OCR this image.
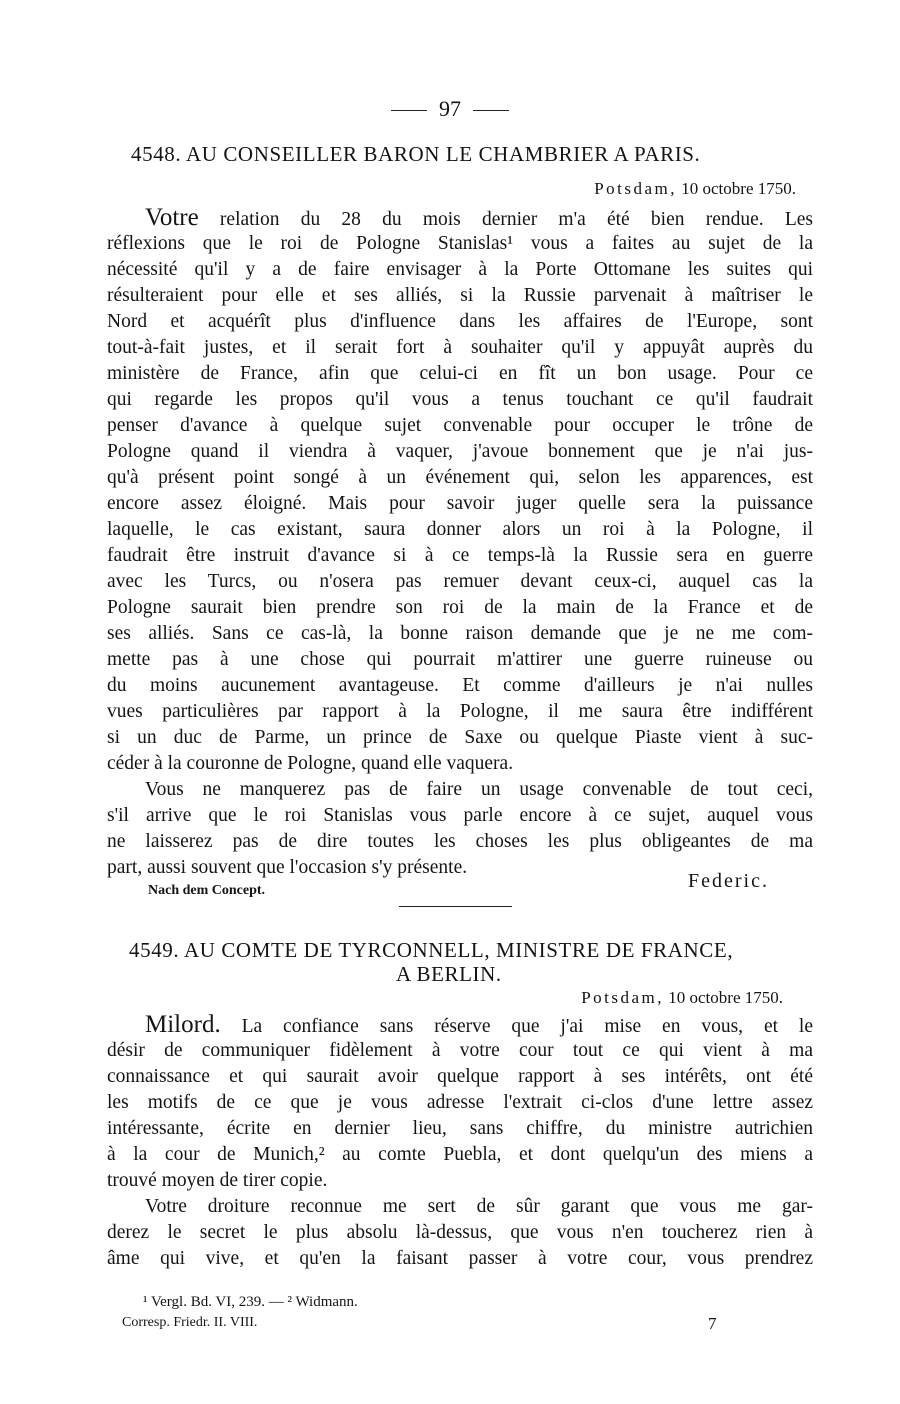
97
4548. AU CONSEILLER BARON LE CHAMBRIER A PARIS.
Potsdam, 10 octobre 1750.
Votre relation du 28 du mois dernier m'a été bien rendue. Les
réflexions que le roi de Pologne Stanislas¹ vous a faites au sujet de la
nécessité qu'il y a de faire envisager à la Porte Ottomane les suites qui
résulteraient pour elle et ses alliés, si la Russie parvenait à maîtriser le
Nord et acquérît plus d'influence dans les affaires de l'Europe, sont
tout-à-fait justes, et il serait fort à souhaiter qu'il y appuyât auprès du
ministère de France, afin que celui-ci en fît un bon usage. Pour ce
qui regarde les propos qu'il vous a tenus touchant ce qu'il faudrait
penser d'avance à quelque sujet convenable pour occuper le trône de
Pologne quand il viendra à vaquer, j'avoue bonnement que je n'ai jus-
qu'à présent point songé à un événement qui, selon les apparences, est
encore assez éloigné. Mais pour savoir juger quelle sera la puissance
laquelle, le cas existant, saura donner alors un roi à la Pologne, il
faudrait être instruit d'avance si à ce temps-là la Russie sera en guerre
avec les Turcs, ou n'osera pas remuer devant ceux-ci, auquel cas la
Pologne saurait bien prendre son roi de la main de la France et de
ses alliés. Sans ce cas-là, la bonne raison demande que je ne me com-
mette pas à une chose qui pourrait m'attirer une guerre ruineuse ou
du moins aucunement avantageuse. Et comme d'ailleurs je n'ai nulles
vues particulières par rapport à la Pologne, il me saura être indifférent
si un duc de Parme, un prince de Saxe ou quelque Piaste vient à suc-
céder à la couronne de Pologne, quand elle vaquera.
Vous ne manquerez pas de faire un usage convenable de tout ceci,
s'il arrive que le roi Stanislas vous parle encore à ce sujet, auquel vous
ne laisserez pas de dire toutes les choses les plus obligeantes de ma
part, aussi souvent que l'occasion s'y présente.
Federic.
Nach dem Concept.
4549. AU COMTE DE TYRCONNELL, MINISTRE DE FRANCE,
A BERLIN.
Potsdam, 10 octobre 1750.
Milord. La confiance sans réserve que j'ai mise en vous, et le
désir de communiquer fidèlement à votre cour tout ce qui vient à ma
connaissance et qui saurait avoir quelque rapport à ses intérêts, ont été
les motifs de ce que je vous adresse l'extrait ci-clos d'une lettre assez
intéressante, écrite en dernier lieu, sans chiffre, du ministre autrichien
à la cour de Munich,² au comte Puebla, et dont quelqu'un des miens a
trouvé moyen de tirer copie.
Votre droiture reconnue me sert de sûr garant que vous me gar-
derez le secret le plus absolu là-dessus, que vous n'en toucherez rien à
âme qui vive, et qu'en la faisant passer à votre cour, vous prendrez
¹ Vergl. Bd. VI, 239. — ² Widmann.
Corresp. Friedr. II. VIII.	7
